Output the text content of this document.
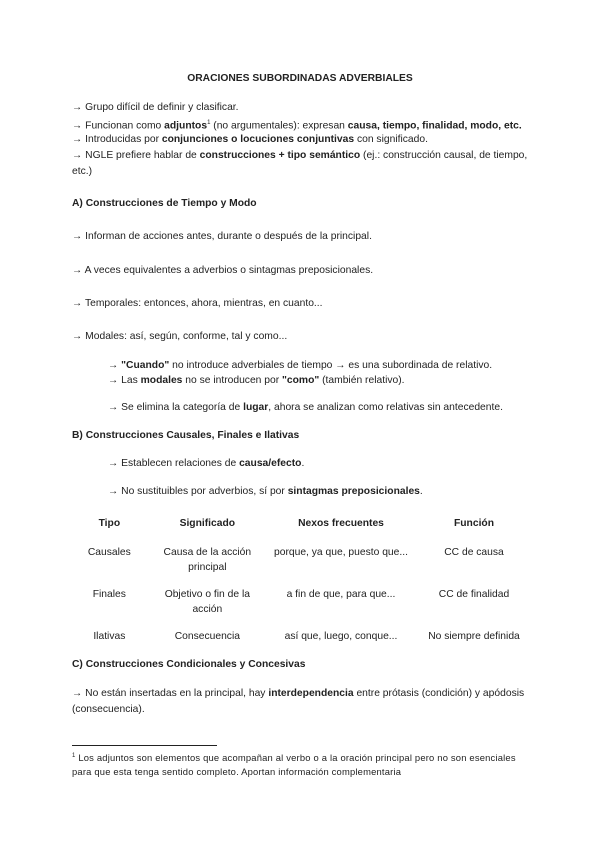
ORACIONES SUBORDINADAS ADVERBIALES
→ Grupo difícil de definir y clasificar.
→ Funcionan como adjuntos$^1$ (no argumentales): expresan causa, tiempo, finalidad, modo, etc.
→ Introducidas por conjunciones o locuciones conjuntivas con significado.
→ NGLE prefiere hablar de construcciones + tipo semántico (ej.: construcción causal, de tiempo, etc.)
A) Construcciones de Tiempo y Modo
→ Informan de acciones antes, durante o después de la principal.
→ A veces equivalentes a adverbios o sintagmas preposicionales.
→ Temporales: entonces, ahora, mientras, en cuanto...
→ Modales: así, según, conforme, tal y como...
→ "Cuando" no introduce adverbiales de tiempo → es una subordinada de relativo.
→ Las modales no se introducen por "como" (también relativo).
→ Se elimina la categoría de lugar, ahora se analizan como relativas sin antecedente.
B) Construcciones Causales, Finales e Ilativas
→ Establecen relaciones de causa/efecto.
→ No sustituibles por adverbios, sí por sintagmas preposicionales.
Tipo	Significado	Nexos frecuentes	Función
Causales	Causa de la acción principal	porque, ya que, puesto que...	CC de causa
Finales	Objetivo o fin de la acción	a fin de que, para que...	CC de finalidad
Ilativas	Consecuencia	así que, luego, conque...	No siempre definida
C) Construcciones Condicionales y Concesivas
→ No están insertadas en la principal, hay interdependencia entre prótasis (condición) y apódosis (consecuencia).
$^1$ Los adjuntos son elementos que acompañan al verbo o a la oración principal pero no son esenciales para que esta tenga sentido completo. Aportan información complementaria
